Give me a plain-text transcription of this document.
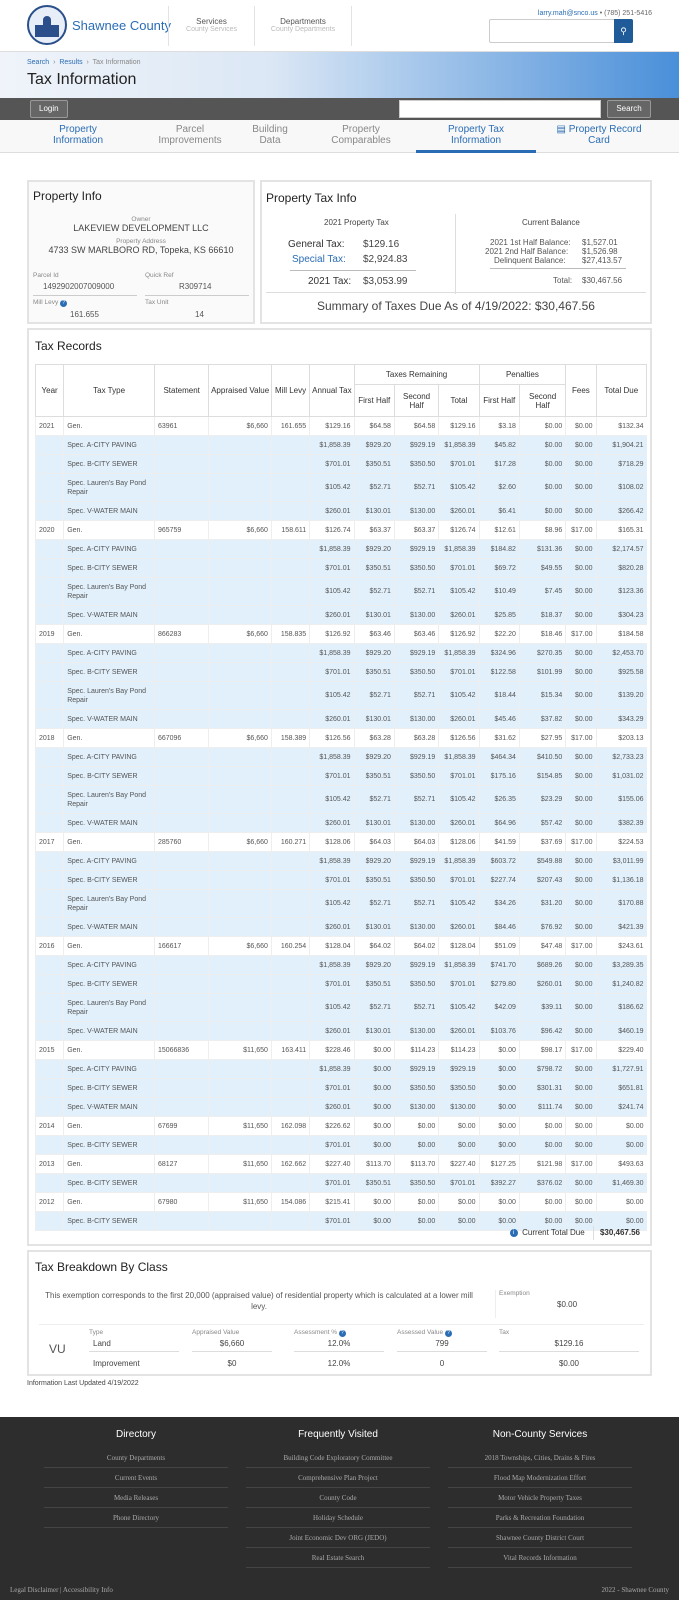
Shawnee County	Services
County Services
Departments
County Departments
larry.mah@snco.us • (785) 251-5416
⚲
Search  ›  Results  ›  Tax Information
Tax Information
Login	Search
Property
Information
Parcel
Improvements
Building
Data
Property
Comparables
Property Tax
Information
▤ Property Record
Card
Property Info
Owner
LAKEVIEW DEVELOPMENT LLC
Property Address
4733 SW MARLBORO RD, Topeka, KS 66610
Parcel Id
1492902007009000
Quick Ref
R309714
Mill Levy ?
161.655
Tax Unit
14
Property Tax Info
2021 Property Tax
General Tax: $129.16
Special Tax: $2,924.83
2021 Tax: $3,053.99
Current Balance
2021 1st Half Balance: $1,527.01
2021 2nd Half Balance: $1,526.98
Delinquent Balance: $27,413.57
Total: $30,467.56
Summary of Taxes Due As of 4/19/2022: $30,467.56
Tax Records
Year	Tax Type	Statement	Appraised Value	Mill Levy	Annual Tax	Taxes Remaining			Penalties		Fees	Total Due
						First Half	Second Half	Total	First Half	Second Half		
2021	Gen.	63961	$6,660	161.655	$129.16	$64.58	$64.58	$129.16	$3.18	$0.00	$0.00	$132.34
	Spec. A-CITY PAVING				$1,858.39	$929.20	$929.19	$1,858.39	$45.82	$0.00	$0.00	$1,904.21
	Spec. B-CITY SEWER				$701.01	$350.51	$350.50	$701.01	$17.28	$0.00	$0.00	$718.29
	Spec. Lauren's Bay Pond Repair				$105.42	$52.71	$52.71	$105.42	$2.60	$0.00	$0.00	$108.02
	Spec. V-WATER MAIN				$260.01	$130.01	$130.00	$260.01	$6.41	$0.00	$0.00	$266.42
2020	Gen.	965759	$6,660	158.611	$126.74	$63.37	$63.37	$126.74	$12.61	$8.96	$17.00	$165.31
	Spec. A-CITY PAVING				$1,858.39	$929.20	$929.19	$1,858.39	$184.82	$131.36	$0.00	$2,174.57
	Spec. B-CITY SEWER				$701.01	$350.51	$350.50	$701.01	$69.72	$49.55	$0.00	$820.28
	Spec. Lauren's Bay Pond Repair				$105.42	$52.71	$52.71	$105.42	$10.49	$7.45	$0.00	$123.36
	Spec. V-WATER MAIN				$260.01	$130.01	$130.00	$260.01	$25.85	$18.37	$0.00	$304.23
2019	Gen.	866283	$6,660	158.835	$126.92	$63.46	$63.46	$126.92	$22.20	$18.46	$17.00	$184.58
	Spec. A-CITY PAVING				$1,858.39	$929.20	$929.19	$1,858.39	$324.96	$270.35	$0.00	$2,453.70
	Spec. B-CITY SEWER				$701.01	$350.51	$350.50	$701.01	$122.58	$101.99	$0.00	$925.58
	Spec. Lauren's Bay Pond Repair				$105.42	$52.71	$52.71	$105.42	$18.44	$15.34	$0.00	$139.20
	Spec. V-WATER MAIN				$260.01	$130.01	$130.00	$260.01	$45.46	$37.82	$0.00	$343.29
2018	Gen.	667096	$6,660	158.389	$126.56	$63.28	$63.28	$126.56	$31.62	$27.95	$17.00	$203.13
	Spec. A-CITY PAVING				$1,858.39	$929.20	$929.19	$1,858.39	$464.34	$410.50	$0.00	$2,733.23
	Spec. B-CITY SEWER				$701.01	$350.51	$350.50	$701.01	$175.16	$154.85	$0.00	$1,031.02
	Spec. Lauren's Bay Pond Repair				$105.42	$52.71	$52.71	$105.42	$26.35	$23.29	$0.00	$155.06
	Spec. V-WATER MAIN				$260.01	$130.01	$130.00	$260.01	$64.96	$57.42	$0.00	$382.39
2017	Gen.	285760	$6,660	160.271	$128.06	$64.03	$64.03	$128.06	$41.59	$37.69	$17.00	$224.53
	Spec. A-CITY PAVING				$1,858.39	$929.20	$929.19	$1,858.39	$603.72	$549.88	$0.00	$3,011.99
	Spec. B-CITY SEWER				$701.01	$350.51	$350.50	$701.01	$227.74	$207.43	$0.00	$1,136.18
	Spec. Lauren's Bay Pond Repair				$105.42	$52.71	$52.71	$105.42	$34.26	$31.20	$0.00	$170.88
	Spec. V-WATER MAIN				$260.01	$130.01	$130.00	$260.01	$84.46	$76.92	$0.00	$421.39
2016	Gen.	166617	$6,660	160.254	$128.04	$64.02	$64.02	$128.04	$51.09	$47.48	$17.00	$243.61
	Spec. A-CITY PAVING				$1,858.39	$929.20	$929.19	$1,858.39	$741.70	$689.26	$0.00	$3,289.35
	Spec. B-CITY SEWER				$701.01	$350.51	$350.50	$701.01	$279.80	$260.01	$0.00	$1,240.82
	Spec. Lauren's Bay Pond Repair				$105.42	$52.71	$52.71	$105.42	$42.09	$39.11	$0.00	$186.62
	Spec. V-WATER MAIN				$260.01	$130.01	$130.00	$260.01	$103.76	$96.42	$0.00	$460.19
2015	Gen.	15066836	$11,650	163.411	$228.46	$0.00	$114.23	$114.23	$0.00	$98.17	$17.00	$229.40
	Spec. A-CITY PAVING				$1,858.39	$0.00	$929.19	$929.19	$0.00	$798.72	$0.00	$1,727.91
	Spec. B-CITY SEWER				$701.01	$0.00	$350.50	$350.50	$0.00	$301.31	$0.00	$651.81
	Spec. V-WATER MAIN				$260.01	$0.00	$130.00	$130.00	$0.00	$111.74	$0.00	$241.74
2014	Gen.	67699	$11,650	162.098	$226.62	$0.00	$0.00	$0.00	$0.00	$0.00	$0.00	$0.00
	Spec. B-CITY SEWER				$701.01	$0.00	$0.00	$0.00	$0.00	$0.00	$0.00	$0.00
2013	Gen.	68127	$11,650	162.662	$227.40	$113.70	$113.70	$227.40	$127.25	$121.98	$17.00	$493.63
	Spec. B-CITY SEWER				$701.01	$350.51	$350.50	$701.01	$392.27	$376.02	$0.00	$1,469.30
2012	Gen.	67980	$11,650	154.086	$215.41	$0.00	$0.00	$0.00	$0.00	$0.00	$0.00	$0.00
	Spec. B-CITY SEWER				$701.01	$0.00	$0.00	$0.00	$0.00	$0.00	$0.00	$0.00
i Current Total Due $30,467.56
Tax Breakdown By Class
This exemption corresponds to the first 20,000 (appraised value) of residential property which is calculated at a lower mill levy.
Exemption
$0.00
VU
Type	Appraised Value	Assessment % ?	Assessed Value ?	Tax
Land	$6,660	12.0%	799	$129.16
Improvement	$0	12.0%	0	$0.00
Information Last Updated 4/19/2022
Directory
County Departments
Current Events
Media Releases
Phone Directory
Frequently Visited
Building Code Exploratory Committee
Comprehensive Plan Project
County Code
Holiday Schedule
Joint Economic Dev ORG (JEDO)
Real Estate Search
Non-County Services
2018 Townships, Cities, Drains & Fires
Flood Map Modernization Effort
Motor Vehicle Property Taxes
Parks & Recreation Foundation
Shawnee County District Court
Vital Records Information
Legal Disclaimer | Accessibility Info	2022 - Shawnee County
